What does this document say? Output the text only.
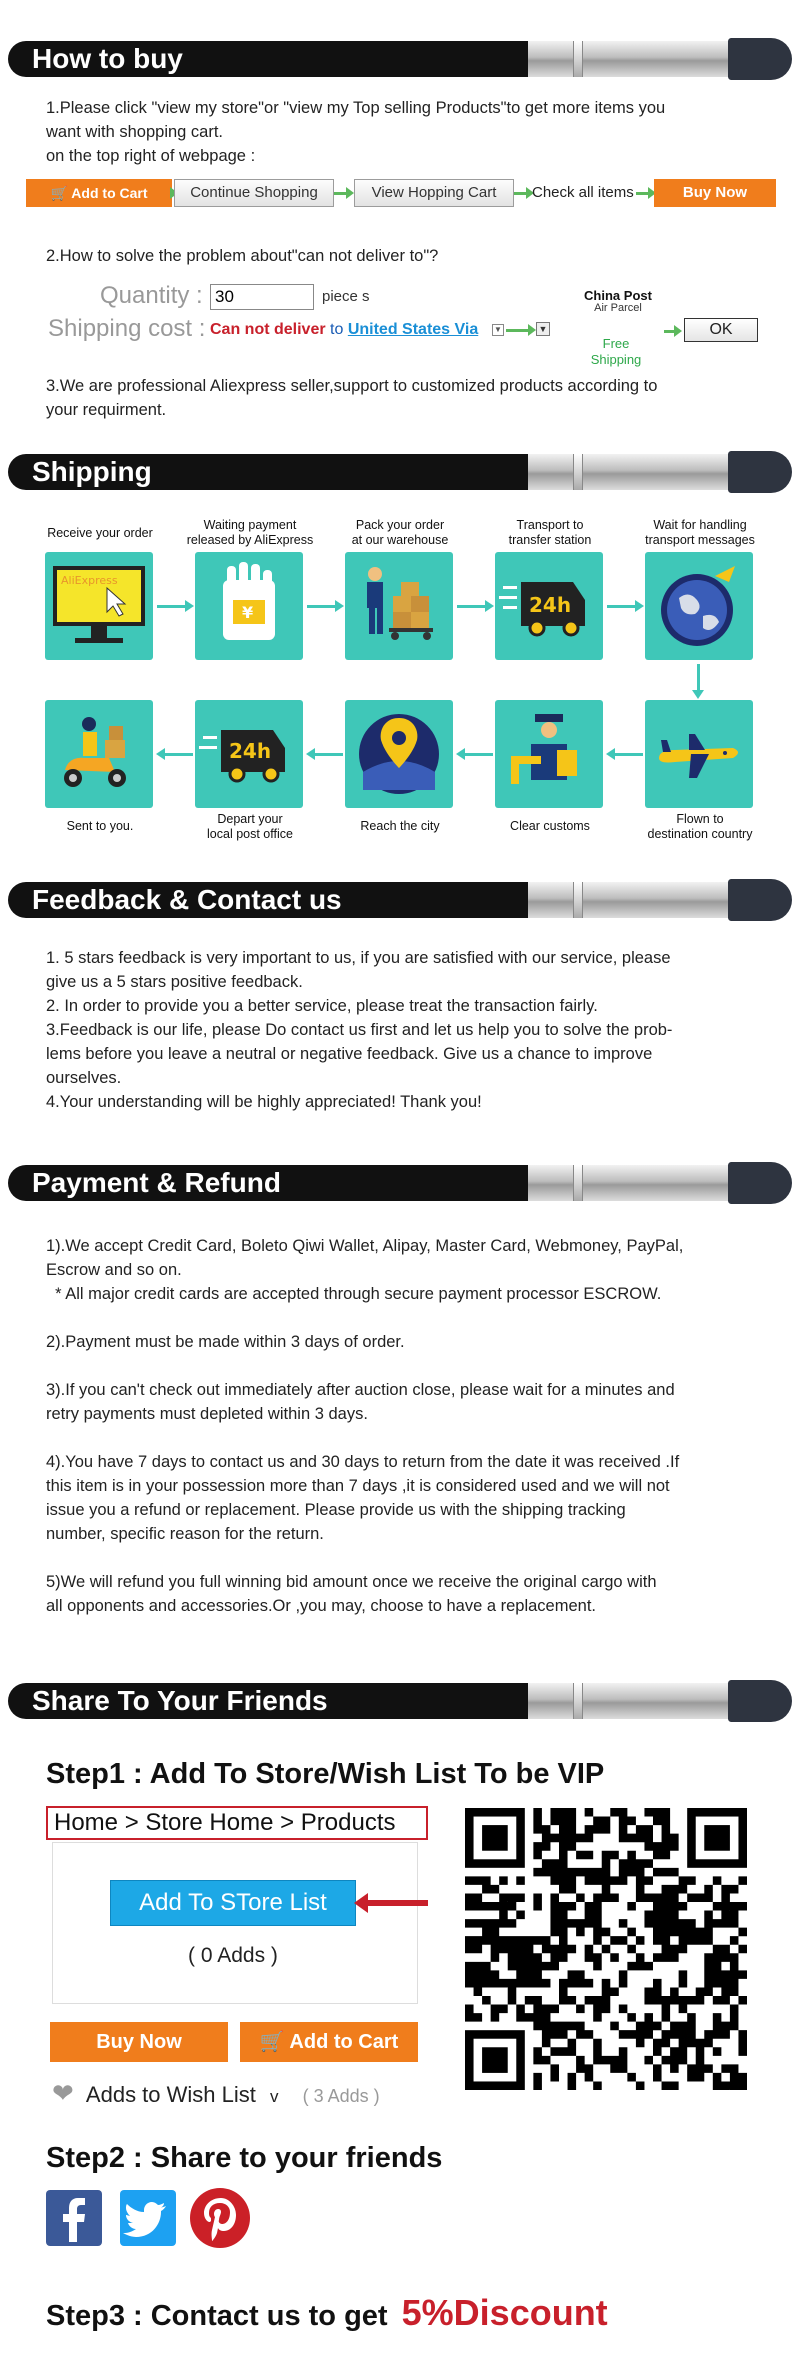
How to buy
1.Please click "view my store"or "view my Top selling Products"to get more items you
want with shopping cart.
on the top right of webpage :
🛒 Add to Cart	Continue Shopping	View Hopping Cart	Check all items	Buy Now
2.How to solve the problem about"can not deliver to"?
Quantity :
30	piece s
Shipping cost : Can not deliver to United States Via ▼	▼
China Post
Air Parcel
Free
Shipping
OK
3.We are professional Aliexpress seller,support to customized products according to
your requirment.
Shipping
Receive your order
Waiting payment
released by AliExpress
Pack your order
at our warehouse
Transport to
transfer station
Wait for handling
transport messages
AliExpress
¥	24h
24h
Sent to you.	Depart your
local post office
Reach the city	Clear customs	Flown to
destination country
Feedback & Contact us
1. 5 stars feedback is very important to us, if you are satisfied with our service, please
give us a 5 stars positive feedback.
2. In order to provide you a better service, please treat the transaction fairly.
3.Feedback is our life, please Do contact us first and let us help you to solve the prob-
lems before you leave a neutral or negative feedback. Give us a chance to improve
ourselves.
4.Your understanding will be highly appreciated! Thank you!
Payment & Refund
1).We accept Credit Card, Boleto Qiwi Wallet, Alipay, Master Card, Webmoney, PayPal,
Escrow and so on.
* All major credit cards are accepted through secure payment processor ESCROW.
2).Payment must be made within 3 days of order.
3).If you can't check out immediately after auction close, please wait for a minutes and
retry payments must depleted within 3 days.
4).You have 7 days to contact us and 30 days to return from the date it was received .If
this item is in your possession more than 7 days ,it is considered used and we will not
issue you a refund or replacement. Please provide us with the shipping tracking
number, specific reason for the return.
5)We will refund you full winning bid amount once we receive the original cargo with
all opponents and accessories.Or ,you may, choose to have a replacement.
Share To Your Friends
Step1 : Add To Store/Wish List To be VIP
Home > Store Home > Products
Add To STore List
( 0 Adds )
Buy Now	🛒 Add to Cart
❤ Adds to Wish List v ( 3 Adds )
Step2 : Share to your friends
Step3 : Contact us to get 5%Discount
